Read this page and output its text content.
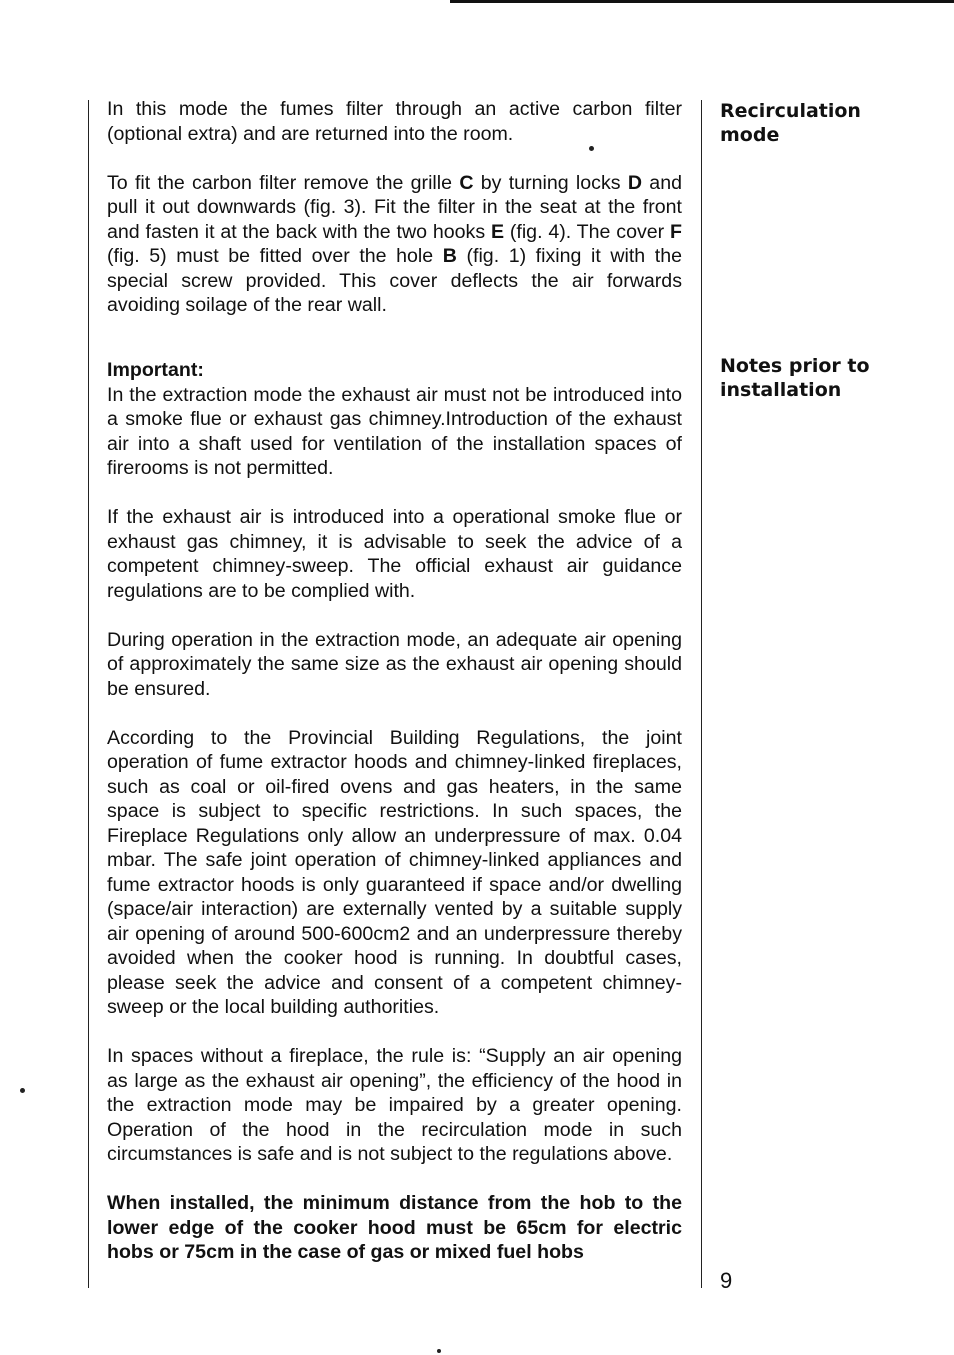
In this mode the fumes filter through an active carbon filter (optional extra) and are returned into the room.

To fit the carbon filter remove the grille C by turning locks D and pull it out downwards (fig. 3). Fit the filter in the seat at the front and fasten it at the back with the two hooks E (fig. 4). The cover F (fig. 5) must be fitted over the hole B (fig. 1) fixing it with the special screw provided. This cover deflects the air forwards avoiding soilage of the rear wall.

Important:

In the extraction mode the exhaust air must not be introduced into a smoke flue or exhaust gas chimney.Introduction of the exhaust air into a shaft used for ventilation of the installation spaces of firerooms is not permitted.

If the exhaust air is introduced into a operational smoke flue or exhaust gas chimney, it is advisable to seek the advice of a competent chimney-sweep. The official exhaust air guidance regulations are to be complied with.

During operation in the extraction mode, an adequate air opening of approximately the same size as the exhaust air opening should be ensured.

According to the Provincial Building Regulations, the joint operation of fume extractor hoods and chimney-linked fireplaces, such as coal or oil-fired ovens and gas heaters, in the same space is subject to specific restrictions. In such spaces, the Fireplace Regulations only allow an underpressure of max. 0.04 mbar. The safe joint operation of chimney-linked appliances and fume extractor hoods is only guaranteed if space and/or dwelling (space/air interaction) are externally vented by a suitable supply air opening of around 500-600cm2 and an underpressure thereby avoided when the cooker hood is running. In doubtful cases, please seek the advice and consent of a competent chimney-sweep or the local building authorities.

In spaces without a fireplace, the rule is: “Supply an air opening as large as the exhaust air opening”, the efficiency of the hood in the extraction mode may be impaired by a greater opening. Operation of the hood in the recirculation mode in such circumstances is safe and is not subject to the regulations above.

When installed, the minimum distance from the hob to the lower edge of the cooker hood must be 65cm for electric hobs or 75cm in the case of gas or mixed fuel hobs

Recirculation mode
Notes prior to installation
9
